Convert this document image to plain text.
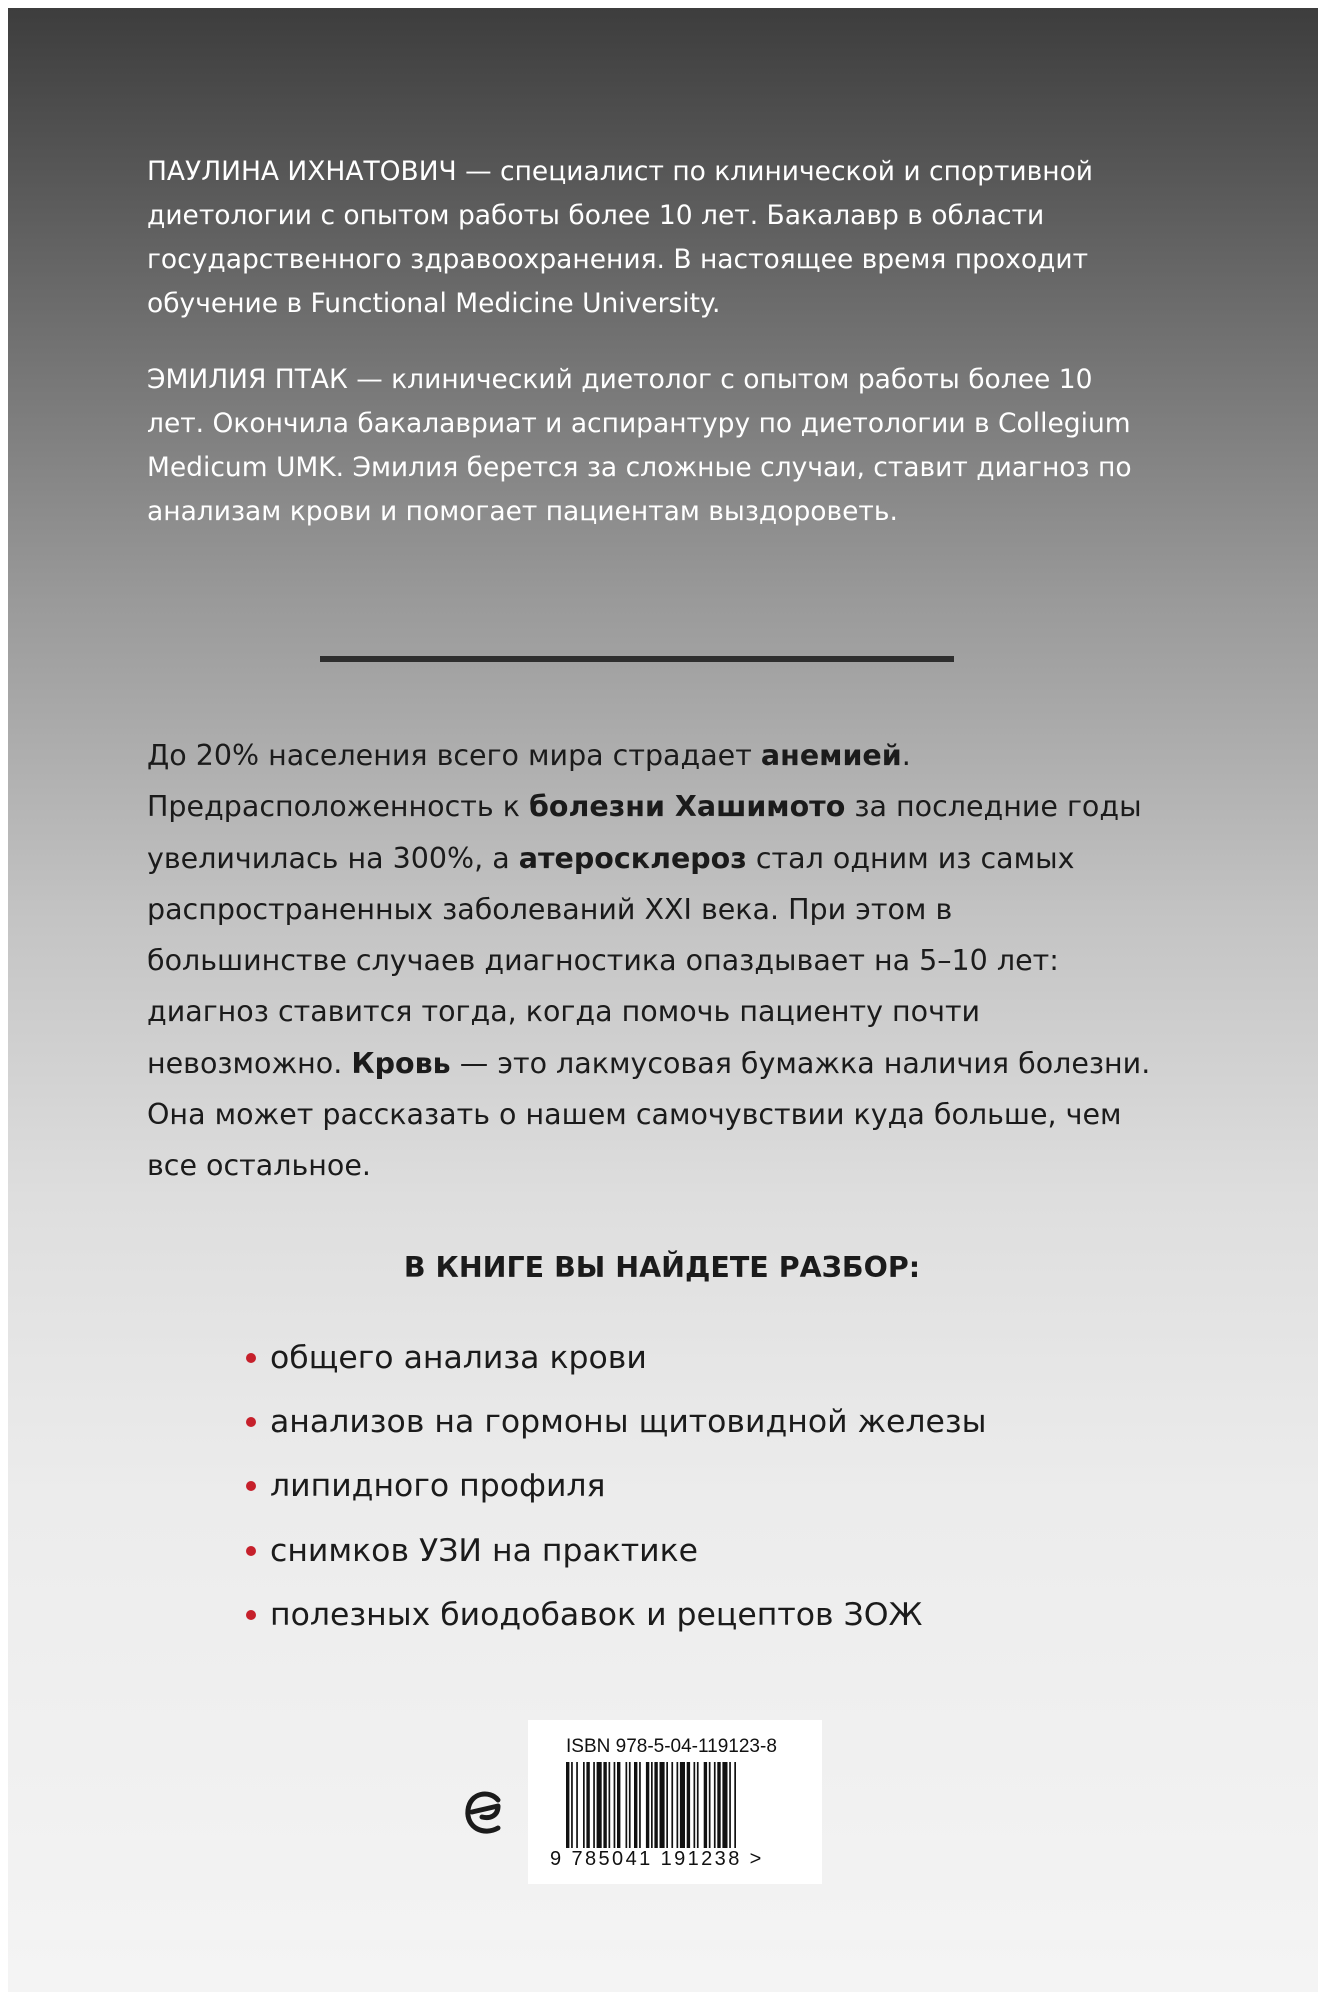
ПАУЛИНА ИХНАТОВИЧ — специалист по клинической и спортивной диетологии с опытом работы более 10 лет. Бакалавр в области государственного здравоохранения. В настоящее время проходит обучение в Functional Medicine University.

ЭМИЛИЯ ПТАК — клинический диетолог с опытом работы более 10 лет. Окончила бакалавриат и аспирантуру по диетологии в Collegium Medicum UMK. Эмилия берется за сложные случаи, ставит диагноз по анализам крови и помогает пациентам выздороветь.

До 20% населения всего мира страдает анемией. Предрасположенность к болезни Хашимото за последние годы увеличилась на 300%, а атеросклероз стал одним из самых распространенных заболеваний XXI века. При этом в большинстве случаев диагностика опаздывает на 5–10 лет: диагноз ставится тогда, когда помочь пациенту почти невозможно. Кровь — это лакмусовая бумажка наличия болезни. Она может рассказать о нашем самочувствии куда больше, чем все остальное.

В КНИГЕ ВЫ НАЙДЕТЕ РАЗБОР:
общего анализа крови
анализов на гормоны щитовидной железы
липидного профиля
снимков УЗИ на практике
полезных биодобавок и рецептов ЗОЖ
ISBN 978-5-04-119123-8
9 785041 191238 >
